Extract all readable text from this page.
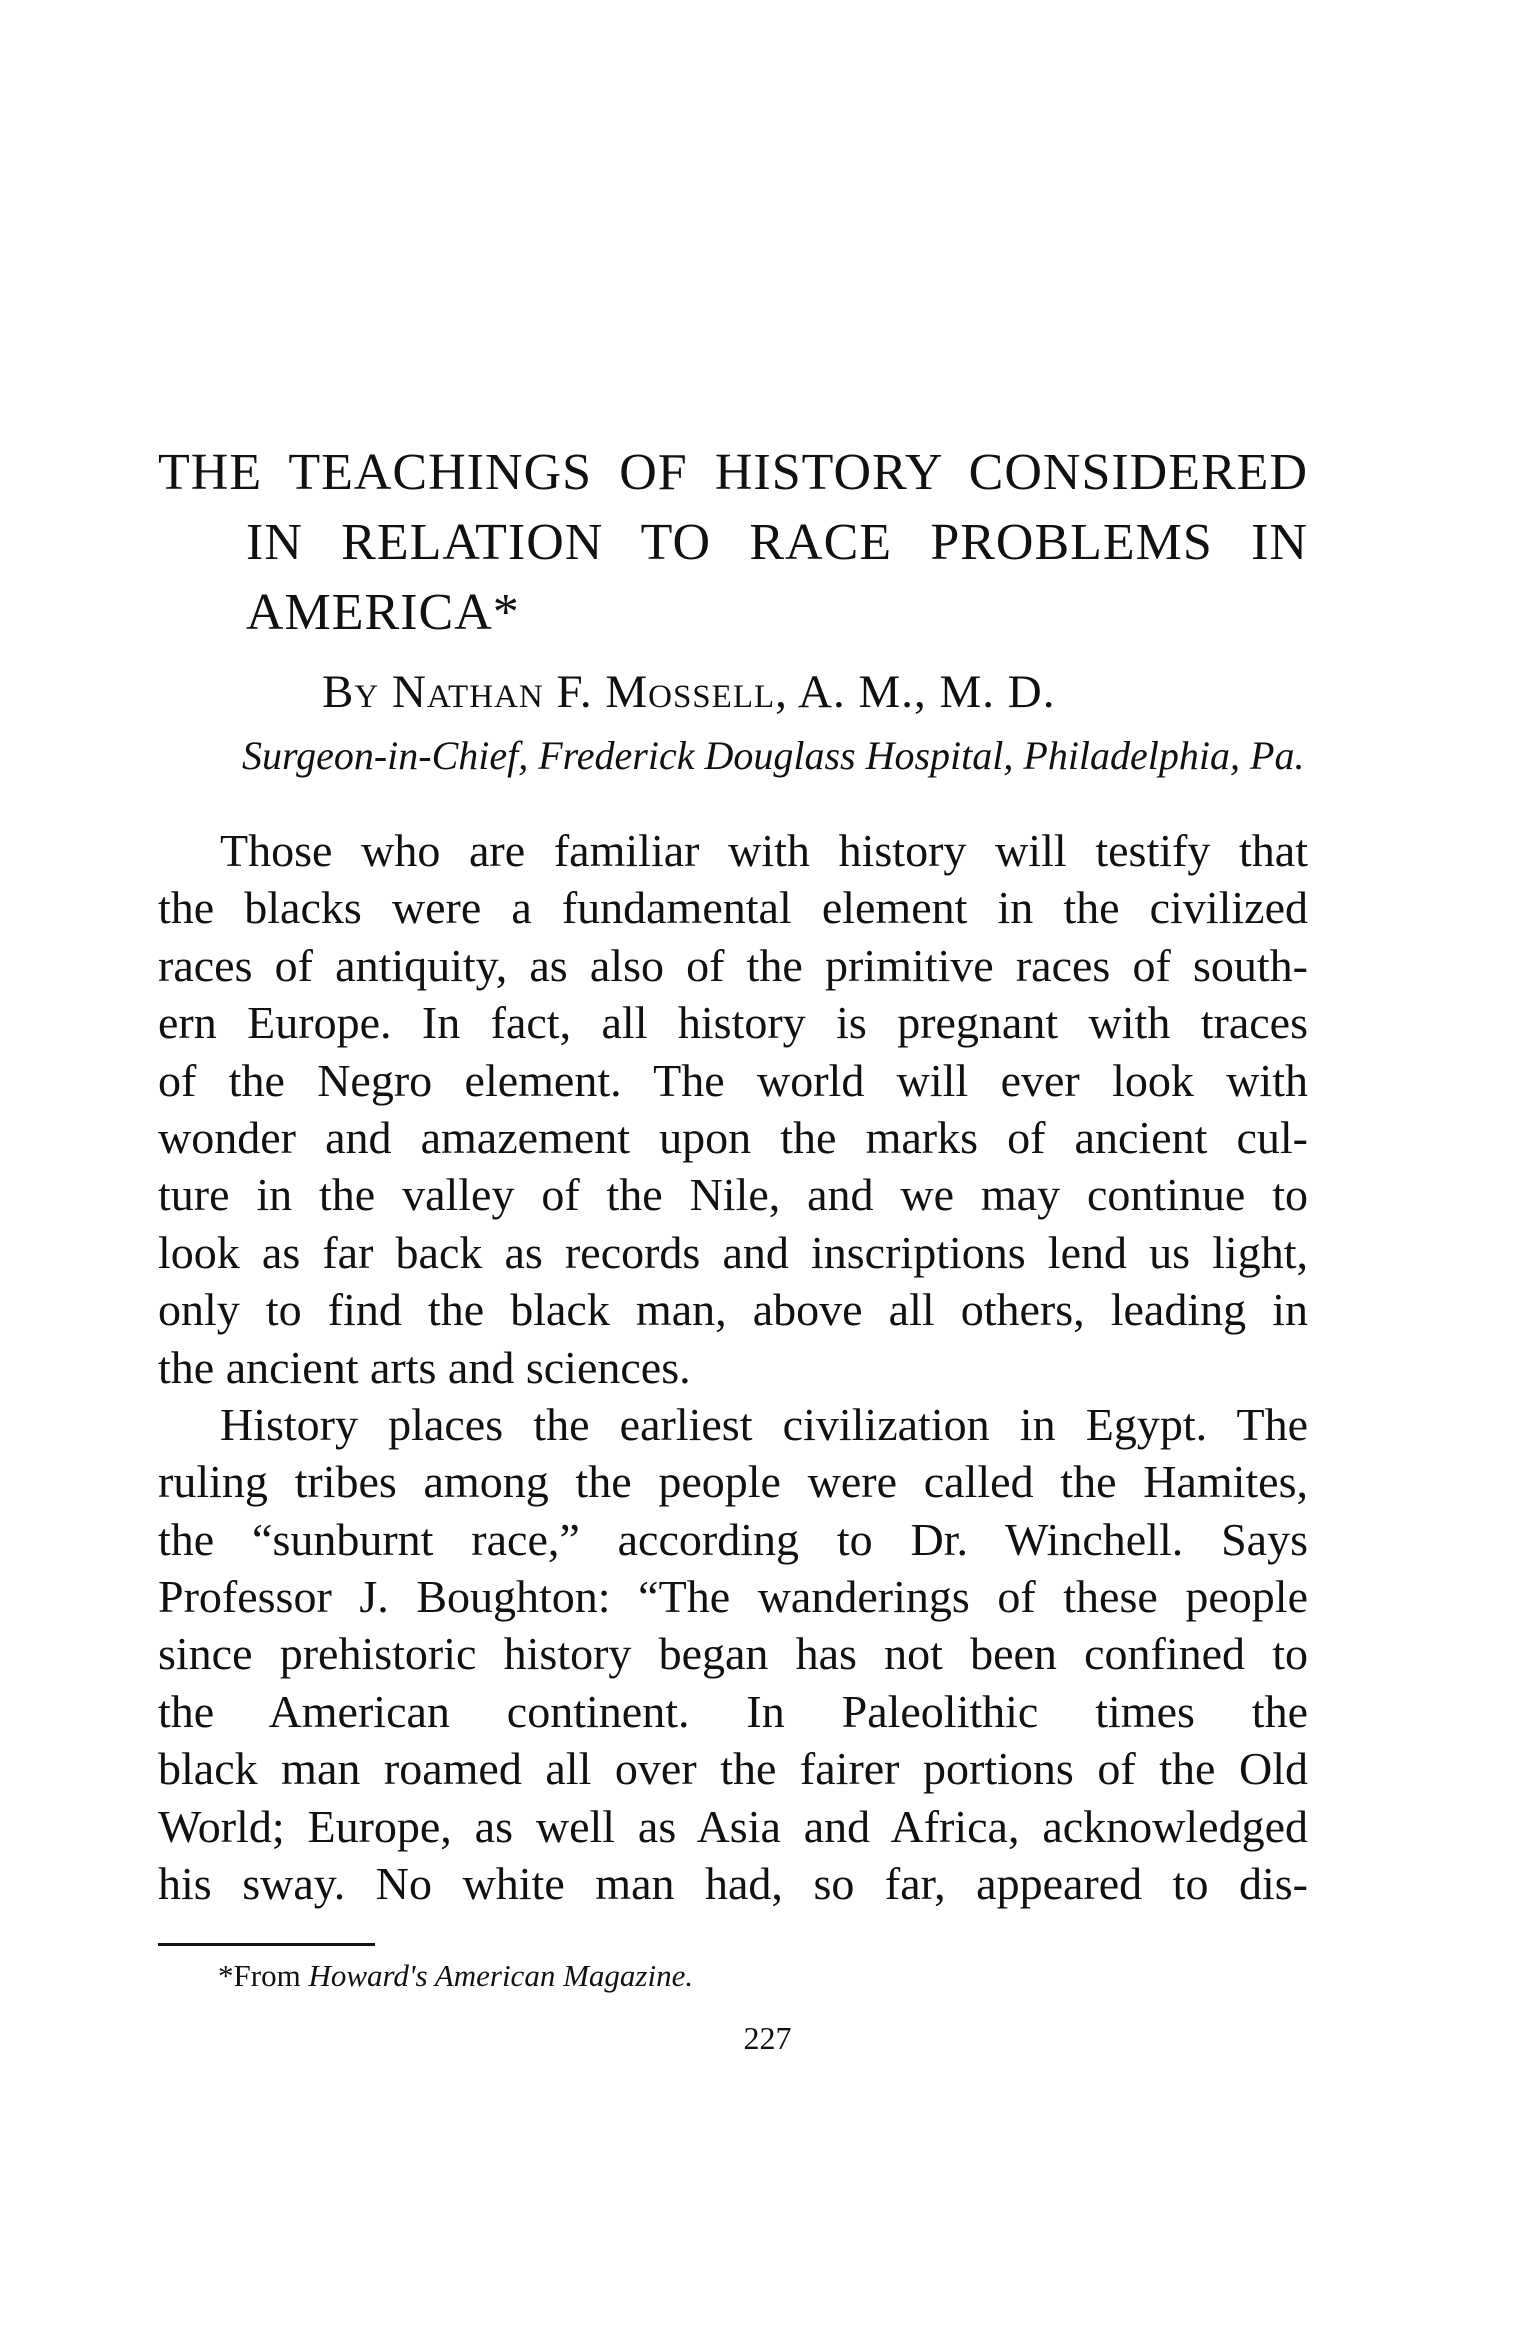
THE TEACHINGS OF HISTORY CONSIDERED
IN RELATION TO RACE PROBLEMS IN
AMERICA*
By Nathan F. Mossell, A. M., M. D.
Surgeon-in-Chief, Frederick Douglass Hospital, Philadelphia, Pa.
Those who are familiar with history will testify that
the blacks were a fundamental element in the civilized
races of antiquity, as also of the primitive races of south-
ern Europe. In fact, all history is pregnant with traces
of the Negro element. The world will ever look with
wonder and amazement upon the marks of ancient cul-
ture in the valley of the Nile, and we may continue to
look as far back as records and inscriptions lend us light,
only to find the black man, above all others, leading in
the ancient arts and sciences.
History places the earliest civilization in Egypt. The
ruling tribes among the people were called the Hamites,
the “sunburnt race,” according to Dr. Winchell. Says
Professor J. Boughton: “The wanderings of these people
since prehistoric history began has not been confined to
the American continent. In Paleolithic times the
black man roamed all over the fairer portions of the Old
World; Europe, as well as Asia and Africa, acknowledged
his sway. No white man had, so far, appeared to dis-
*From Howard's American Magazine.
227
